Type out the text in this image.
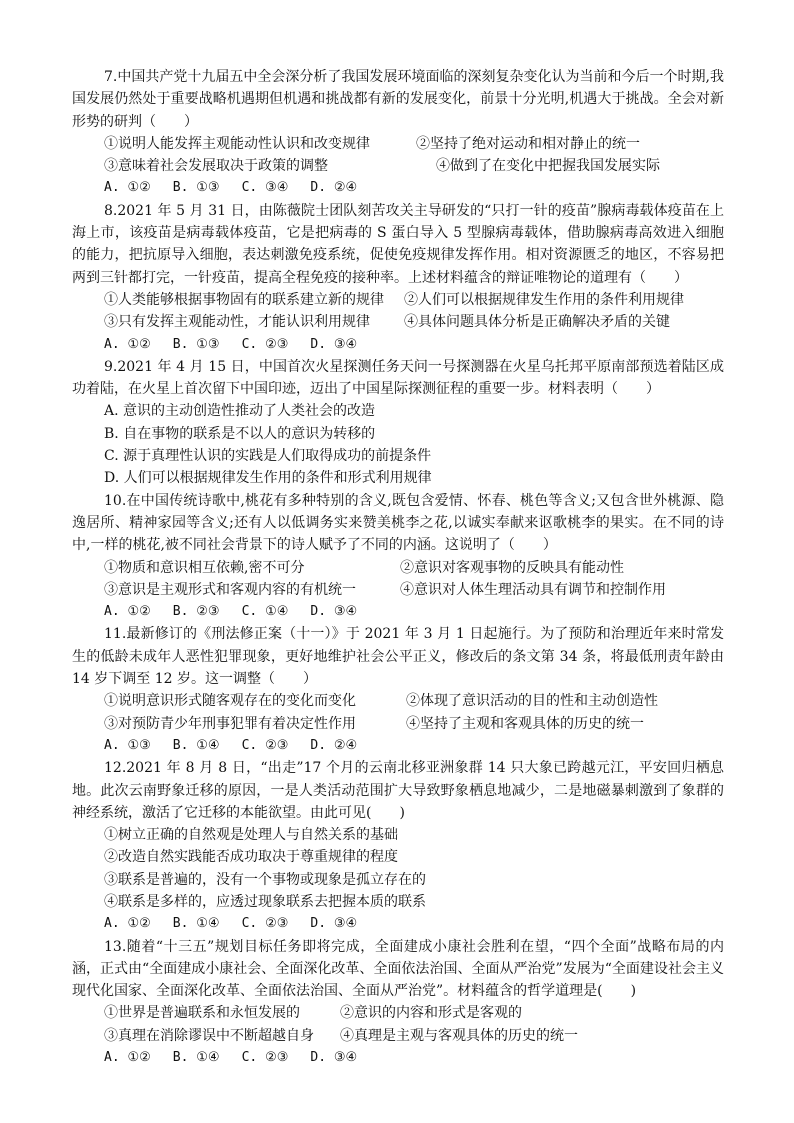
7.中国共产党十九届五中全会深分析了我国发展环境面临的深刻复杂变化认为当前和今后一个时期,我国发展仍然处于重要战略机遇期但机遇和挑战都有新的发展变化，前景十分光明,机遇大于挑战。全会对新形势的研判（　　）

①说明人能发挥主观能动性认识和改变规律	②坚持了绝对运动和相对静止的统一

③意味着社会发展取决于政策的调整	④做到了在变化中把握我国发展实际

A. ①② B. ①③ C. ③④ D. ②④

8.2021 年 5 月 31 日，由陈薇院士团队刻苦攻关主导研发的“只打一针的疫苗”腺病毒载体疫苗在上海上市，该疫苗是病毒载体疫苗，它是把病毒的 S 蛋白导入 5 型腺病毒载体，借助腺病毒高效进入细胞的能力，把抗原导入细胞，表达刺激免疫系统，促使免疫规律发挥作用。相对资源匮乏的地区，不容易把两到三针都打完，一针疫苗，提高全程免疫的接种率。上述材料蕴含的辩证唯物论的道理有（　　）

①人类能够根据事物固有的联系建立新的规律	②人们可以根据规律发生作用的条件利用规律

③只有发挥主观能动性，才能认识利用规律	④具体问题具体分析是正确解决矛盾的关键

A. ①② B. ①③ C. ②③ D. ③④

9.2021 年 4 月 15 日，中国首次火星探测任务天问一号探测器在火星乌托邦平原南部预选着陆区成功着陆，在火星上首次留下中国印迹，迈出了中国星际探测征程的重要一步。材料表明（　　）

A. 意识的主动创造性推动了人类社会的改造

B. 自在事物的联系是不以人的意识为转移的

C. 源于真理性认识的实践是人们取得成功的前提条件

D. 人们可以根据规律发生作用的条件和形式利用规律

10.在中国传统诗歌中,桃花有多种特别的含义,既包含爱情、怀春、桃色等含义;又包含世外桃源、隐逸居所、精神家园等含义;还有人以低调务实来赞美桃李之花,以诚实奉献来讴歌桃李的果实。在不同的诗中,一样的桃花,被不同社会背景下的诗人赋予了不同的内涵。这说明了（　　）

①物质和意识相互依赖,密不可分	②意识对客观事物的反映具有能动性

③意识是主观形式和客观内容的有机统一	④意识对人体生理活动具有调节和控制作用

A. ①② B. ②③ C. ①④ D. ③④

11.最新修订的《刑法修正案（十一）》于 2021 年 3 月 1 日起施行。为了预防和治理近年来时常发生的低龄未成年人恶性犯罪现象，更好地维护社会公平正义，修改后的条文第 34 条，将最低刑责年龄由 14 岁下调至 12 岁。这一调整（　　）

①说明意识形式随客观存在的变化而变化	②体现了意识活动的目的性和主动创造性

③对预防青少年刑事犯罪有着决定性作用	④坚持了主观和客观具体的历史的统一

A. ①③ B. ①④ C. ②③ D. ②④

12.2021 年 8 月 8 日，“出走”17 个月的云南北移亚洲象群 14 只大象已跨越元江，平安回归栖息地。此次云南野象迁移的原因，一是人类活动范围扩大导致野象栖息地减少，二是地磁暴刺激到了象群的神经系统，激活了它迁移的本能欲望。由此可见(　　)

①树立正确的自然观是处理人与自然关系的基础

②改造自然实践能否成功取决于尊重规律的程度

③联系是普遍的，没有一个事物或现象是孤立存在的

④联系是多样的，应透过现象联系去把握本质的联系

A. ①② B. ①④ C. ②③ D. ③④

13.随着“十三五”规划目标任务即将完成，全面建成小康社会胜利在望，“四个全面”战略布局的内涵，正式由“全面建成小康社会、全面深化改革、全面依法治国、全面从严治党”发展为“全面建设社会主义现代化国家、全面深化改革、全面依法治国、全面从严治党”。材料蕴含的哲学道理是(　　)

①世界是普遍联系和永恒发展的	②意识的内容和形式是客观的

③真理在消除谬误中不断超越自身	④真理是主观与客观具体的历史的统一

A. ①② B. ①④ C. ②③ D. ③④
